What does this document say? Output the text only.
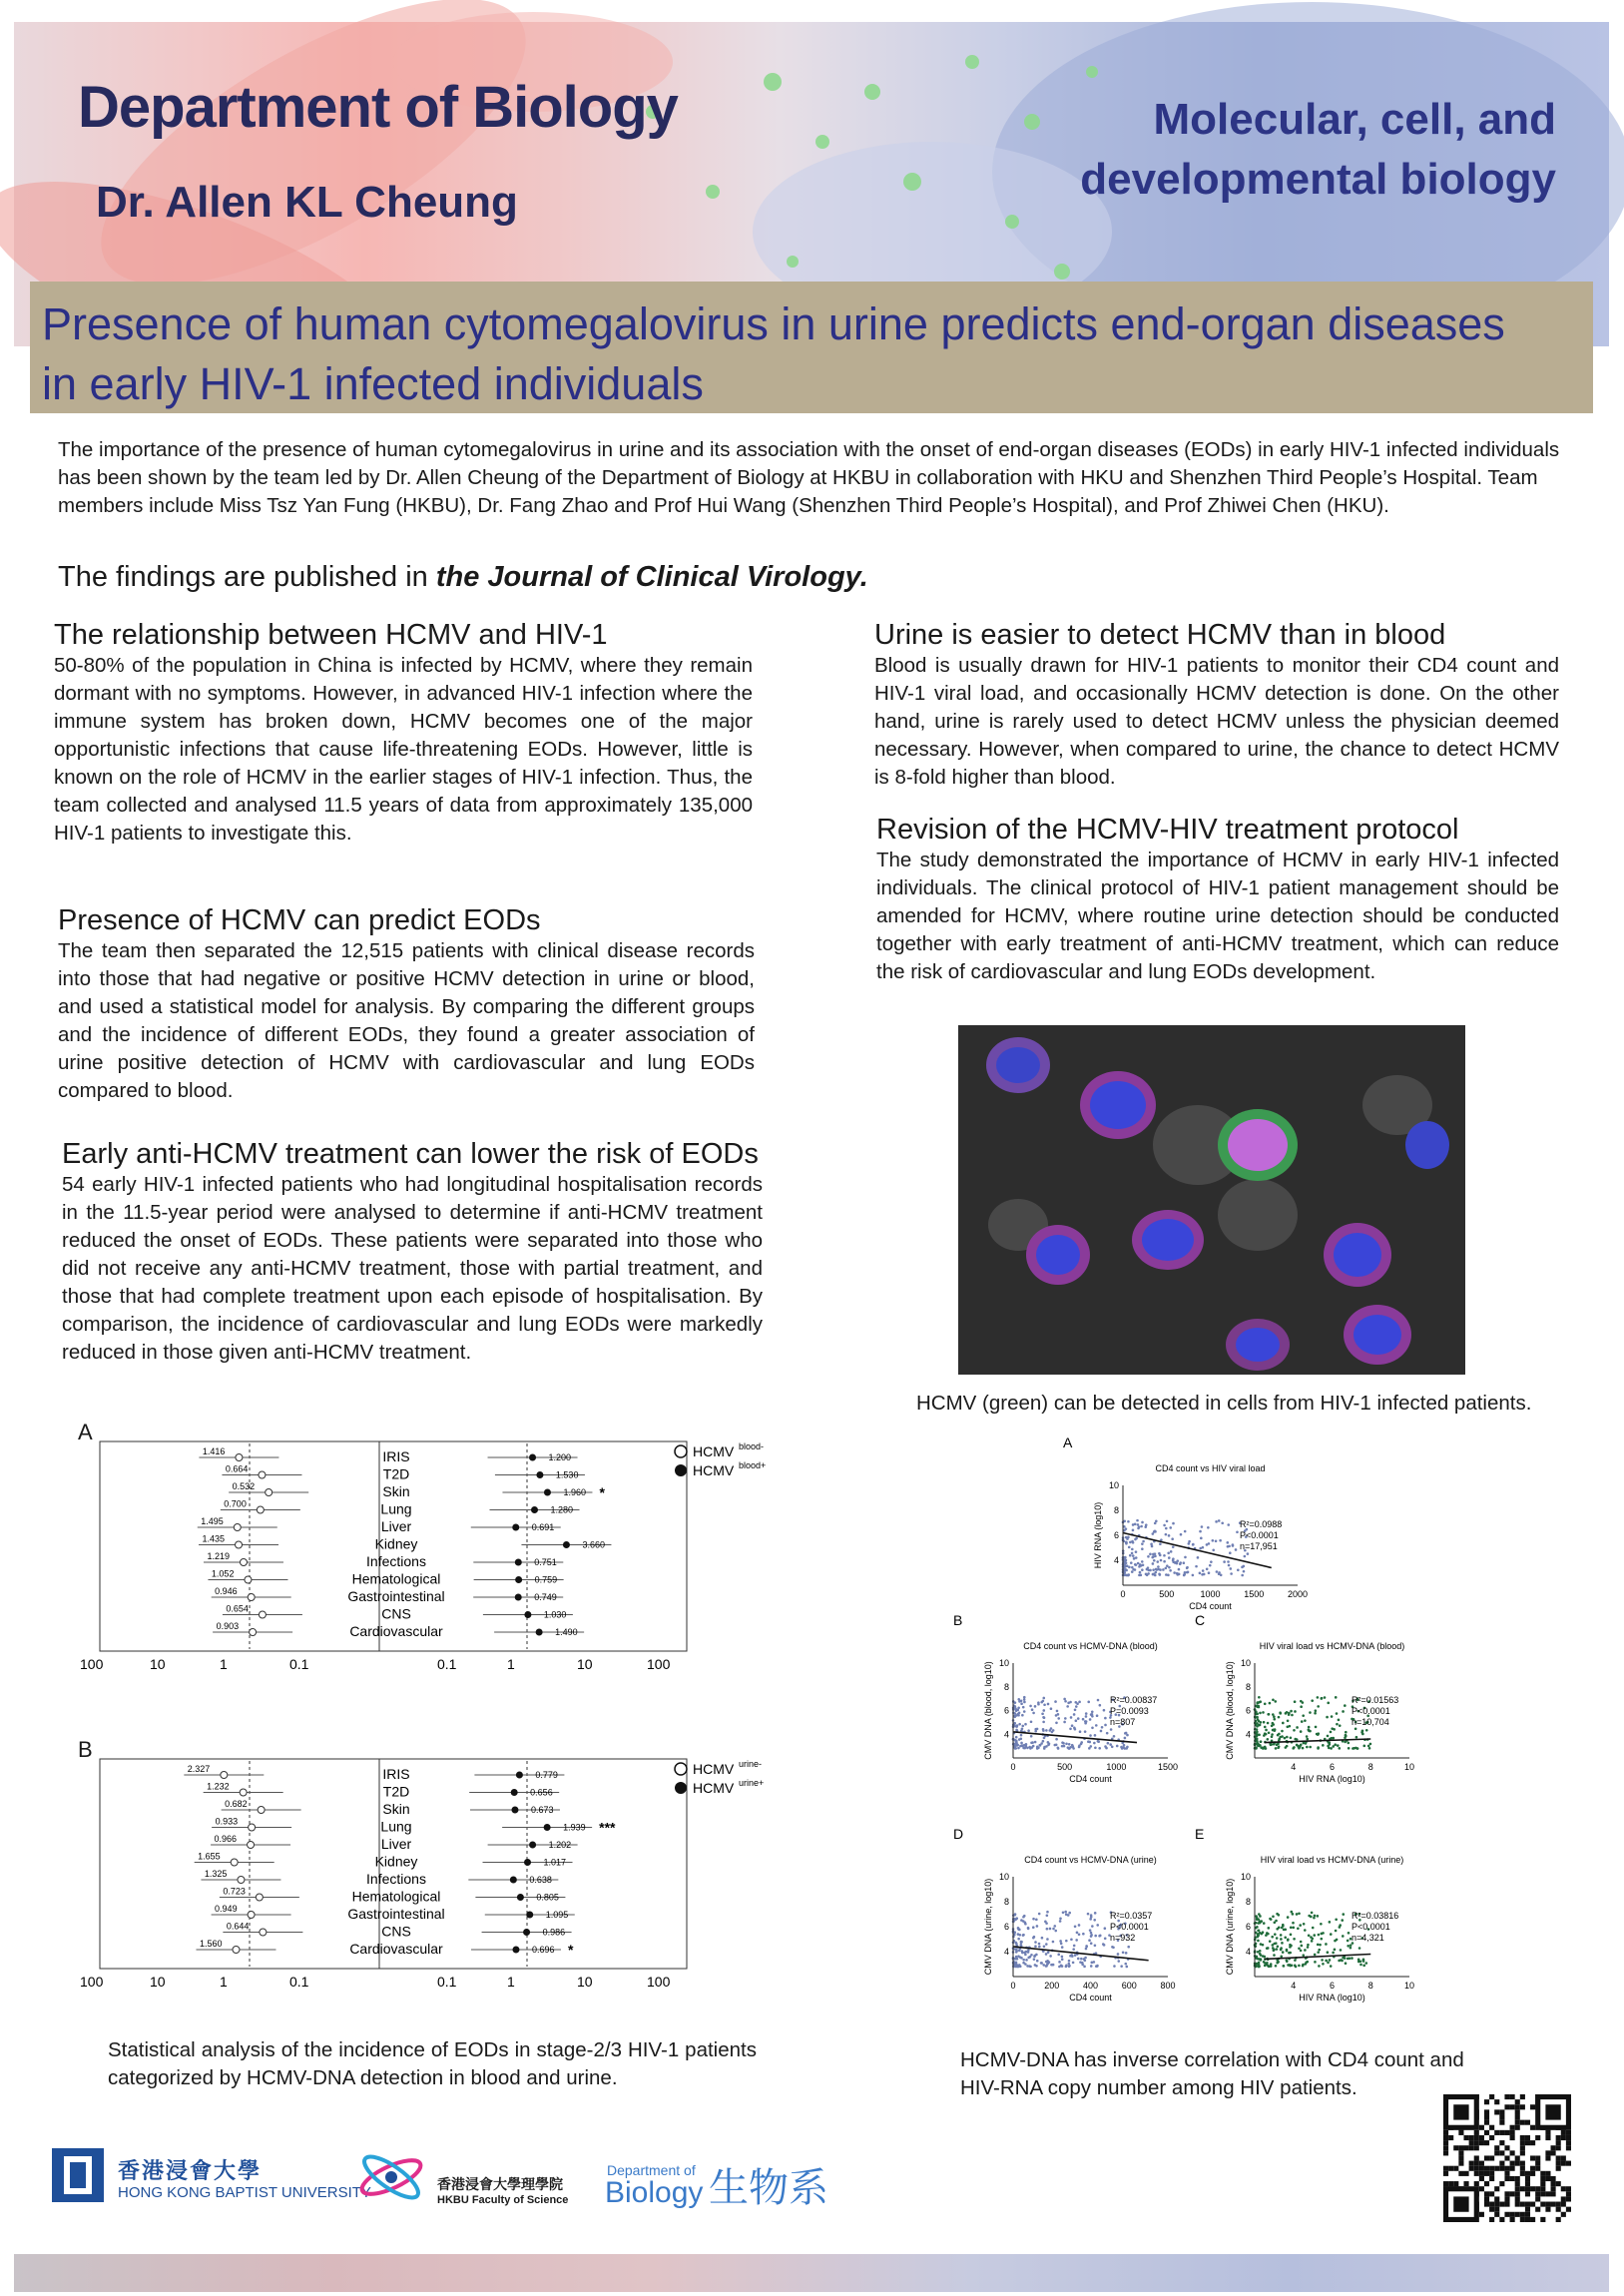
Department of Biology
Dr. Allen KL Cheung
Molecular, cell, and
developmental biology
Presence of human cytomegalovirus in urine predicts end-organ diseases
in early HIV-1 infected individuals
The importance of the presence of human cytomegalovirus in urine and its association with the onset of end-organ diseases (EODs) in early HIV-1 infected individuals has been shown by the team led by Dr. Allen Cheung of the Department of Biology at HKBU in collaboration with HKU and Shenzhen Third People’s Hospital. Team members include Miss Tsz Yan Fung (HKBU), Dr. Fang Zhao and Prof Hui Wang (Shenzhen Third People’s Hospital), and Prof Zhiwei Chen (HKU).
The findings are published in the Journal of Clinical Virology.
The relationship between HCMV and HIV-1
50-80% of the population in China is infected by HCMV, where they remain dormant with no symptoms. However, in advanced HIV-1 infection where the immune system has broken down, HCMV becomes one of the major opportunistic infections that cause life-threatening EODs. However, little is known on the role of HCMV in the earlier stages of HIV-1 infection. Thus, the team collected and analysed 11.5 years of data from approximately 135,000 HIV-1 patients to investigate this.
Presence of HCMV can predict EODs
The team then separated the 12,515 patients with clinical disease records into those that had negative or positive HCMV detection in urine or blood, and used a statistical model for analysis. By comparing the different groups and the incidence of different EODs, they found a greater association of urine positive detection of HCMV with cardiovascular and lung EODs compared to blood.
Early anti-HCMV treatment can lower the risk of EODs
54 early HIV-1 infected patients who had longitudinal hospitalisation records in the 11.5-year period were analysed to determine if anti-HCMV treatment reduced the onset of EODs. These patients were separated into those who did not receive any anti-HCMV treatment, those with partial treatment, and those that had complete treatment upon each episode of hospitalisation. By comparison, the incidence of cardiovascular and lung EODs were markedly reduced in those given anti-HCMV treatment.
Urine is easier to detect HCMV than in blood
Blood is usually drawn for HIV-1 patients to monitor their CD4 count and HIV-1 viral load, and occasionally HCMV detection is done. On the other hand, urine is rarely used to detect HCMV unless the physician deemed necessary. However, when compared to urine, the chance to detect HCMV is 8-fold higher than blood.
Revision of the HCMV-HIV treatment protocol
The study demonstrated the importance of HCMV in early HIV-1 infected individuals. The clinical protocol of HIV-1 patient management should be amended for HCMV, where routine urine detection should be conducted together with early treatment of anti-HCMV treatment, which can reduce the risk of cardiovascular and lung EODs development.
HCMV (green) can be detected in cells from HIV-1 infected patients.
A
IRIS
1.416
1.200
T2D
0.664
1.530
Skin
0.532
1.960 *
Lung
0.700
1.280
Liver
1.495
0.691
Kidney
1.435
3.660
Infections
1.219
0.751
Hematological
1.052
0.759
Gastrointestinal
0.946
0.749
CNS
0.654
1.030
Cardiovascular
0.903
1.490
100	10	1	0.1	0.1	1	10	100
HCMV blood-
HCMV blood+
B
IRIS
2.327
0.779
T2D
1.232
0.656
Skin
0.682
0.673
Lung
0.933
1.939 ***
Liver
0.966
1.202
Kidney
1.655
1.017
Infections
1.325
0.638
Hematological
0.723
0.805
Gastrointestinal
0.949
1.095
CNS
0.644
0.986
Cardiovascular
1.560
0.696 *
100	10	1	0.1	0.1	1	10	100
HCMV urine-
HCMV urine+
Statistical analysis of the incidence of EODs in stage-2/3 HIV-1 patients categorized by HCMV-DNA detection in blood and urine.
A
CD4 count vs HIV viral load
0	500	1000	1500	2000
4
6
8
10
CD4 count
HIV RNA (log10)	R²=0.0988
P<0.0001
n=17,951
B
CD4 count vs HCMV-DNA (blood)
0	500	1000	1500
4
6
8
10
CD4 count
CMV DNA (blood, log10)	R²=0.00837
P=0.0093
n=807
C
HIV viral load vs HCMV-DNA (blood)
4	6	8	10
4
6
8
10
HIV RNA (log10)
CMV DNA (blood, log10)	R²=0.01563
P<0.0001
n=10,704
D
CD4 count vs HCMV-DNA (urine)
0	200	400	600	800
4
6
8
10
CD4 count
CMV DNA (urine, log10)	R²=0.0357
P<0.0001
n=932
E
HIV viral load vs HCMV-DNA (urine)
4	6	8	10
4
6
8
10
HIV RNA (log10)
CMV DNA (urine, log10)	R²=0.03816
P<0.0001
n=4,321
HCMV-DNA has inverse correlation with CD4 count and HIV-RNA copy number among HIV patients.
香港浸會大學
HONG KONG BAPTIST UNIVERSITY	香港浸會大學理學院
HKBU Faculty of Science
Department of
Biology 生物系
